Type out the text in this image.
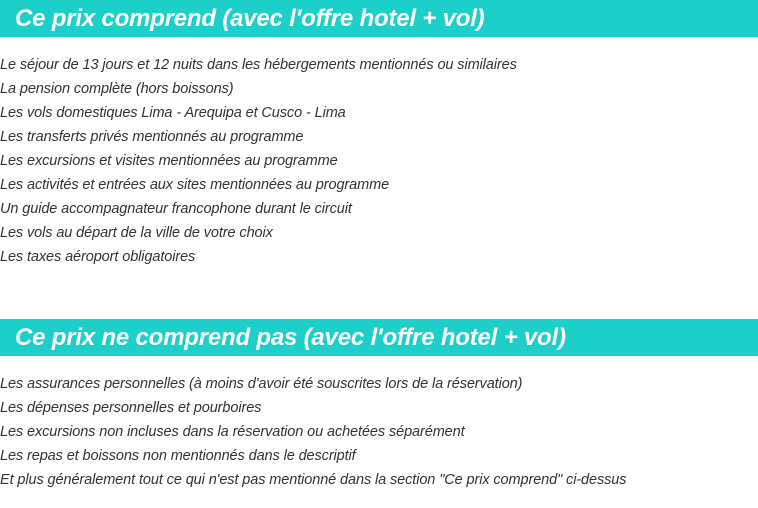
Ce prix comprend (avec l'offre hotel + vol)
Le séjour de 13 jours et 12 nuits dans les hébergements mentionnés ou similaires
La pension complète (hors boissons)
Les vols domestiques Lima - Arequipa et Cusco - Lima
Les transferts privés mentionnés au programme
Les excursions et visites mentionnées au programme
Les activités et entrées aux sites mentionnées au programme
Un guide accompagnateur francophone durant le circuit
Les vols au départ de la ville de votre choix
Les taxes aéroport obligatoires
Ce prix ne comprend pas (avec l'offre hotel + vol)
Les assurances personnelles (à moins d'avoir été souscrites lors de la réservation)
Les dépenses personnelles et pourboires
Les excursions non incluses dans la réservation ou achetées séparément
Les repas et boissons non mentionnés dans le descriptif
Et plus généralement tout ce qui n'est pas mentionné dans la section "Ce prix comprend" ci-dessus
